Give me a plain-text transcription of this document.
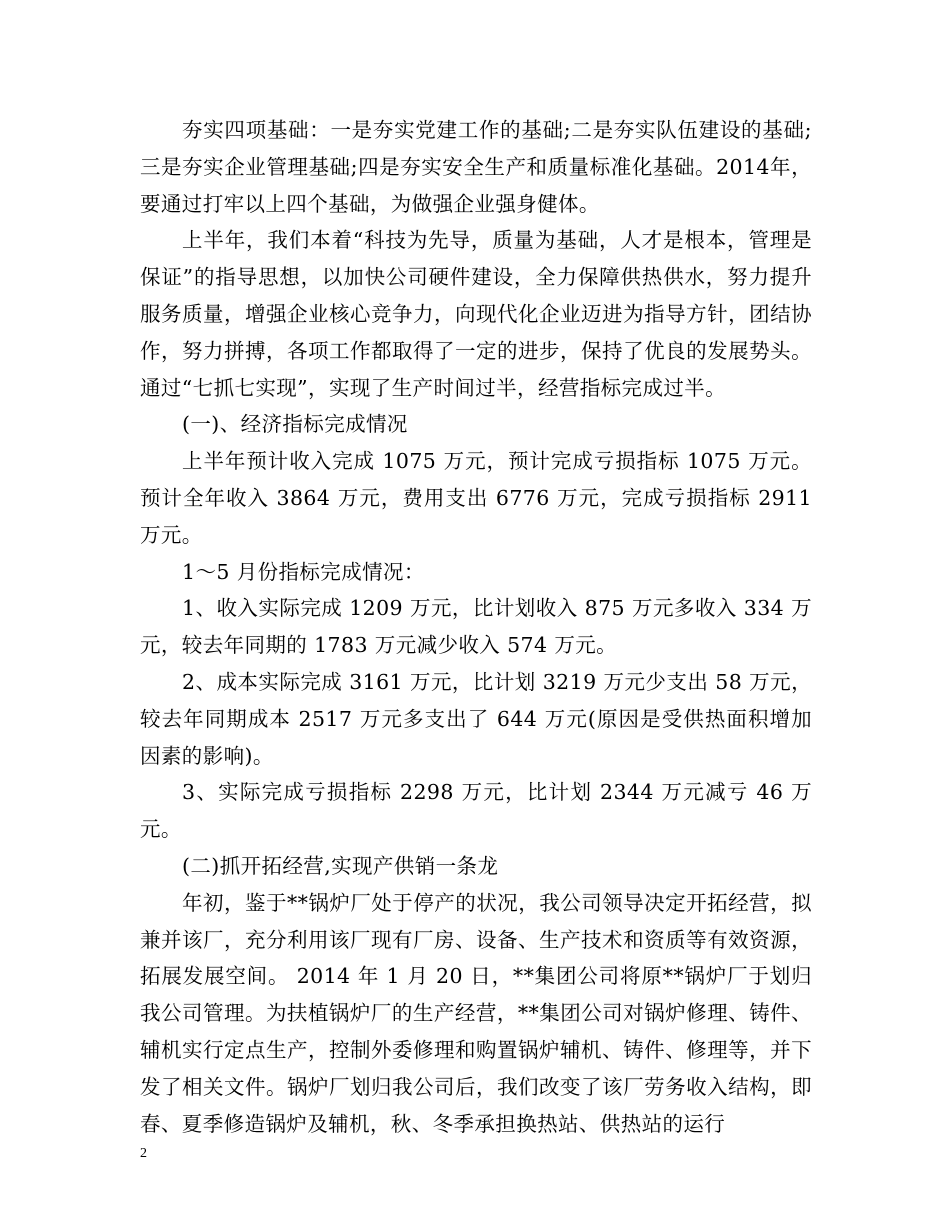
夯实四项基础：一是夯实党建工作的基础;二是夯实队伍建设的基础;三是夯实企业管理基础;四是夯实安全生产和质量标准化基础。2014年，要通过打牢以上四个基础，为做强企业强身健体。

上半年，我们本着“科技为先导，质量为基础，人才是根本，管理是保证”的指导思想，以加快公司硬件建设，全力保障供热供水，努力提升服务质量，增强企业核心竞争力，向现代化企业迈进为指导方针，团结协作，努力拼搏，各项工作都取得了一定的进步，保持了优良的发展势头。通过“七抓七实现”，实现了生产时间过半，经营指标完成过半。

(一)、经济指标完成情况

上半年预计收入完成 1075 万元，预计完成亏损指标 1075 万元。预计全年收入 3864 万元，费用支出 6776 万元，完成亏损指标 2911 万元。

1～5 月份指标完成情况：

1、收入实际完成 1209 万元，比计划收入 875 万元多收入 334 万元，较去年同期的 1783 万元减少收入 574 万元。

2、成本实际完成 3161 万元，比计划 3219 万元少支出 58 万元，较去年同期成本 2517 万元多支出了 644 万元(原因是受供热面积增加因素的影响)。

3、实际完成亏损指标 2298 万元，比计划 2344 万元减亏 46 万元。

(二)抓开拓经营,实现产供销一条龙

年初，鉴于**锅炉厂处于停产的状况，我公司领导决定开拓经营，拟兼并该厂，充分利用该厂现有厂房、设备、生产技术和资质等有效资源，拓展发展空间。 2014 年 1 月 20 日，**集团公司将原**锅炉厂于划归我公司管理。为扶植锅炉厂的生产经营，**集团公司对锅炉修理、铸件、辅机实行定点生产，控制外委修理和购置锅炉辅机、铸件、修理等，并下发了相关文件。锅炉厂划归我公司后，我们改变了该厂劳务收入结构，即春、夏季修造锅炉及辅机，秋、冬季承担换热站、供热站的运行

2
